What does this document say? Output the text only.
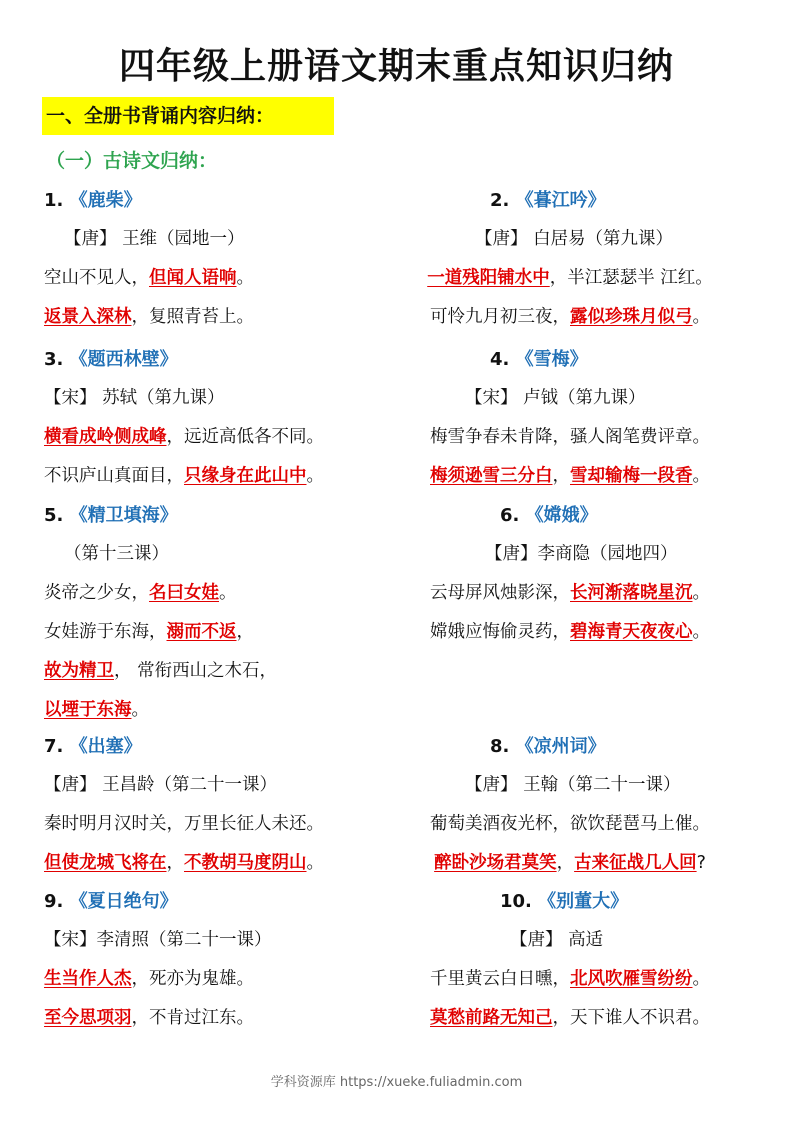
四年级上册语文期末重点知识归纳
一、全册书背诵内容归纳：
（一）古诗文归纳：
1. 《鹿柴》
【唐】 王维（园地一）
空山不见人，但闻人语响。
返景入深林，复照青苔上。
2. 《暮江吟》
【唐】 白居易（第九课）
一道残阳铺水中，半江瑟瑟半 江红。
可怜九月初三夜，露似珍珠月似弓。
3. 《题西林壁》
【宋】 苏轼（第九课）
横看成岭侧成峰，远近高低各不同。
不识庐山真面目，只缘身在此山中。
4. 《雪梅》
【宋】 卢钺（第九课）
梅雪争春未肯降，骚人阁笔费评章。
梅须逊雪三分白，雪却输梅一段香。
5. 《精卫填海》
（第十三课）
炎帝之少女，名曰女娃。
女娃游于东海，溺而不返，
故为精卫， 常衔西山之木石，
以堙于东海。
6. 《嫦娥》
【唐】李商隐（园地四）
云母屏风烛影深，长河渐落晓星沉。
嫦娥应悔偷灵药，碧海青天夜夜心。
7. 《出塞》
【唐】 王昌龄（第二十一课）
秦时明月汉时关，万里长征人未还。
但使龙城飞将在，不教胡马度阴山。
8. 《凉州词》
【唐】 王翰（第二十一课）
葡萄美酒夜光杯，欲饮琵琶马上催。
醉卧沙场君莫笑，古来征战几人回?
9. 《夏日绝句》
【宋】李清照（第二十一课）
生当作人杰，死亦为鬼雄。
至今思项羽，不肯过江东。
10. 《别董大》
【唐】 高适
千里黄云白日曛，北风吹雁雪纷纷。
莫愁前路无知己，天下谁人不识君。
学科资源库 https://xueke.fuliadmin.com
